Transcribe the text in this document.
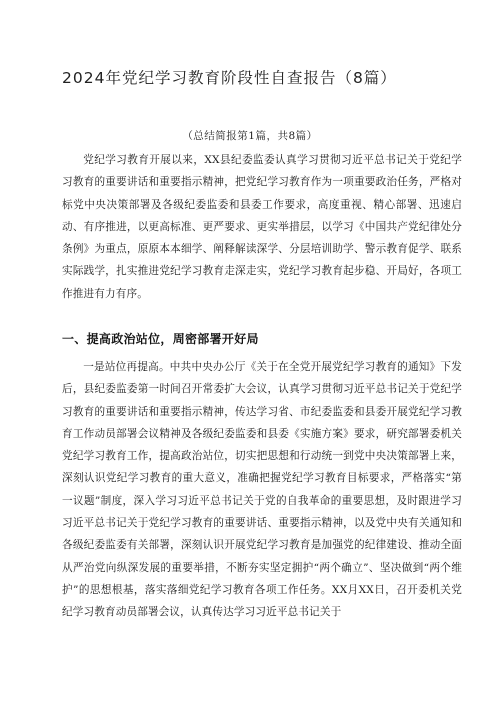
2024年党纪学习教育阶段性自查报告（8篇）
（总结简报第1篇，共8篇）
党纪学习教育开展以来，XX县纪委监委认真学习贯彻习近平总书记关于党纪学习教育的重要讲话和重要指示精神，把党纪学习教育作为一项重要政治任务，严格对标党中央决策部署及各级纪委监委和县委工作要求，高度重视、精心部署、迅速启动、有序推进，以更高标准、更严要求、更实举措层，以学习《中国共产党纪律处分条例》为重点，原原本本细学、阐释解读深学、分层培训助学、警示教育促学、联系实际践学，扎实推进党纪学习教育走深走实，党纪学习教育起步稳、开局好，各项工作推进有力有序。
一、提高政治站位，周密部署开好局
一是站位再提高。中共中央办公厅《关于在全党开展党纪学习教育的通知》下发后，县纪委监委第一时间召开常委扩大会议，认真学习贯彻习近平总书记关于党纪学习教育的重要讲话和重要指示精神，传达学习省、市纪委监委和县委开展党纪学习教育工作动员部署会议精神及各级纪委监委和县委《实施方案》要求，研究部署委机关党纪学习教育工作，提高政治站位，切实把思想和行动统一到党中央决策部署上来，深刻认识党纪学习教育的重大意义，准确把握党纪学习教育目标要求，严格落实“第一议题”制度，深入学习习近平总书记关于党的自我革命的重要思想，及时跟进学习习近平总书记关于党纪学习教育的重要讲话、重要指示精神，以及党中央有关通知和各级纪委监委有关部署，深刻认识开展党纪学习教育是加强党的纪律建设、推动全面从严治党向纵深发展的重要举措，不断夯实坚定拥护“两个确立”、坚决做到“两个维护”的思想根基，落实落细党纪学习教育各项工作任务。XX月XX日，召开委机关党纪学习教育动员部署会议，认真传达学习习近平总书记关于
